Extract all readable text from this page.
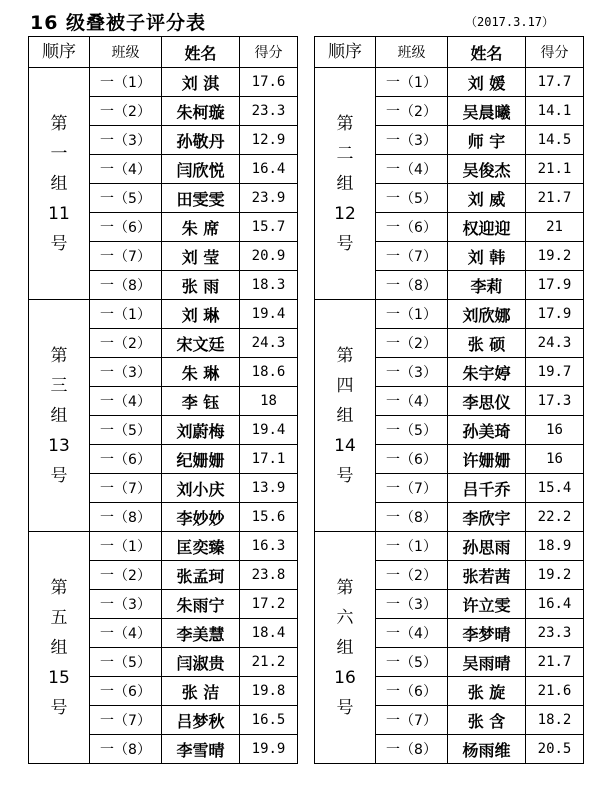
16 级叠被子评分表	（2017.3.17）
顺序	班级	姓名	得分

第
一
组
11
号	一（1）	刘 淇	17.6
	一（2）	朱柯璇	23.3
	一（3）	孙敬丹	12.9
	一（4）	闫欣悦	16.4
	一（5）	田雯雯	23.9
	一（6）	朱 席	15.7
	一（7）	刘 莹	20.9
	一（8）	张 雨	18.3

第
三
组
13
号	一（1）	刘 琳	19.4
	一（2）	宋文廷	24.3
	一（3）	朱 琳	18.6
	一（4）	李 钰	18
	一（5）	刘蔚梅	19.4
	一（6）	纪姗姗	17.1
	一（7）	刘小庆	13.9
	一（8）	李妙妙	15.6

第
五
组
15
号	一（1）	匡奕臻	16.3
	一（2）	张孟珂	23.8
	一（3）	朱雨宁	17.2
	一（4）	李美慧	18.4
	一（5）	闫淑贵	21.2
	一（6）	张 洁	19.8
	一（7）	吕梦秋	16.5
	一（8）	李雪晴	19.9
顺序	班级	姓名	得分

第
二
组
12
号	一（1）	刘 媛	17.7
	一（2）	吴晨曦	14.1
	一（3）	师 宇	14.5
	一（4）	吴俊杰	21.1
	一（5）	刘 威	21.7
	一（6）	权迎迎	21
	一（7）	刘 韩	19.2
	一（8）	李莉	17.9

第
四
组
14
号	一（1）	刘欣娜	17.9
	一（2）	张 硕	24.3
	一（3）	朱宇婷	19.7
	一（4）	李思仪	17.3
	一（5）	孙美琦	16
	一（6）	许姗姗	16
	一（7）	吕千乔	15.4
	一（8）	李欣宇	22.2

第
六
组
16
号	一（1）	孙思雨	18.9
	一（2）	张若茜	19.2
	一（3）	许立雯	16.4
	一（4）	李梦晴	23.3
	一（5）	吴雨晴	21.7
	一（6）	张 旋	21.6
	一（7）	张 含	18.2
	一（8）	杨雨维	20.5
